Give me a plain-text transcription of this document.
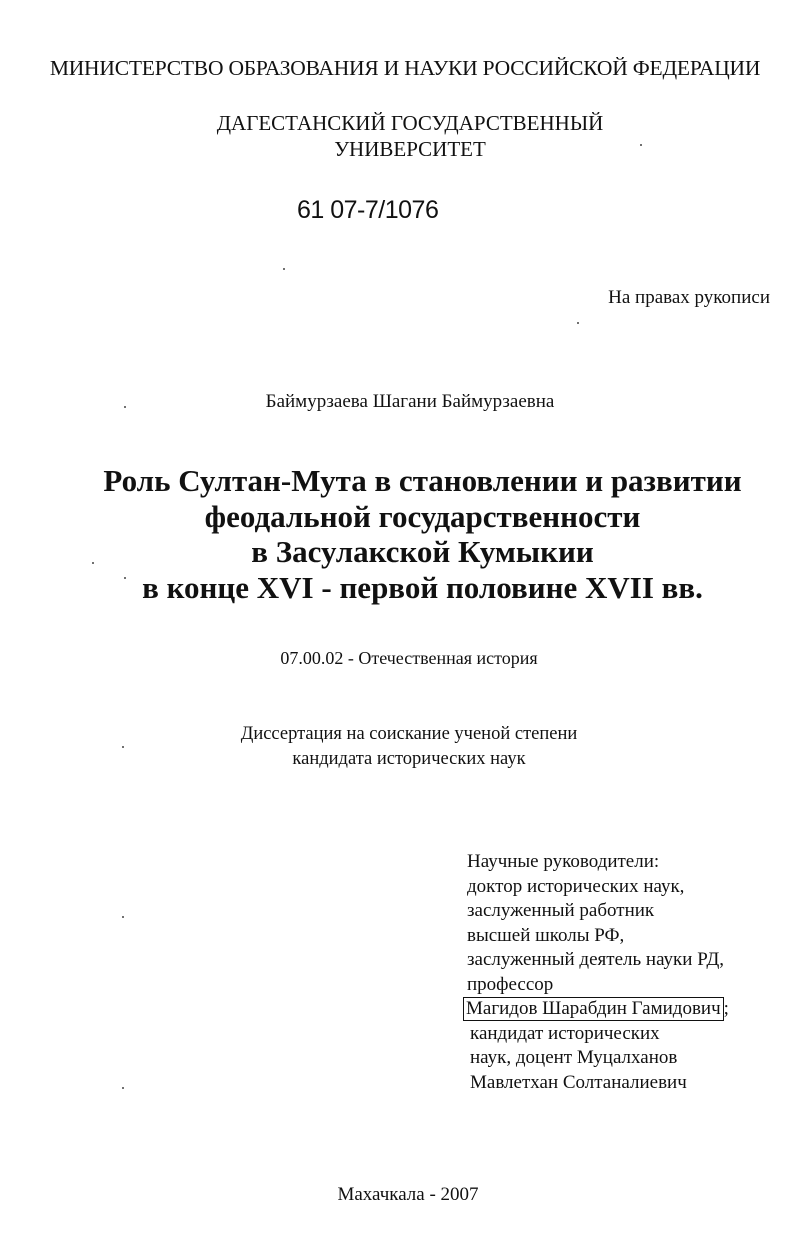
МИНИСТЕРСТВО ОБРАЗОВАНИЯ И НАУКИ РОССИЙСКОЙ ФЕДЕРАЦИИ

ДАГЕСТАНСКИЙ ГОСУДАРСТВЕННЫЙ
УНИВЕРСИТЕТ

61 07-7/1076

На правах рукописи

Баймурзаева Шагани Баймурзаевна

Роль Султан-Мута в становлении и развитии
феодальной государственности
в Засулакской Кумыкии
в конце XVI - первой половине XVII вв.

07.00.02 - Отечественная история

Диссертация на соискание ученой степени
кандидата исторических наук
Научные руководители:
доктор исторических наук,
заслуженный работник
высшей школы РФ,
заслуженный деятель науки РД,
профессор
Магидов Шарабдин Гамидович ;
кандидат исторических
наук, доцент Муцалханов
Мавлетхан Солтаналиевич

Махачкала - 2007
